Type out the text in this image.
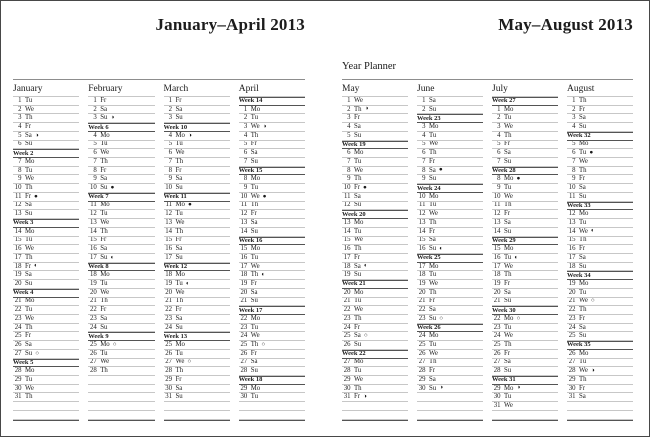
January–April 2013
January
1 Tu
2 We
3 Th
4 Fr
5 Sa ◑
6 Su
Week 2
7 Mo
8 Tu
9 We
10 Th
11 Fr ●
12 Sa
13 Su
Week 3
14 Mo
15 Tu
16 We
17 Th
18 Fr ◐
19 Sa
20 Su
Week 4
21 Mo
22 Tu
23 We
24 Th
25 Fr
26 Sa
27 Su ○
Week 5
28 Mo
29 Tu
30 We
31 Th
February
1 Fr
2 Sa
3 Su ◑
Week 6
4 Mo
5 Tu
6 We
7 Th
8 Fr
9 Sa
10 Su ●
Week 7
11 Mo
12 Tu
13 We
14 Th
15 Fr
16 Sa
17 Su ◐
Week 8
18 Mo
19 Tu
20 We
21 Th
22 Fr
23 Sa
24 Su
Week 9
25 Mo ○
26 Tu
27 We
28 Th
March
1 Fr
2 Sa
3 Su
Week 10
4 Mo ◑
5 Tu
6 We
7 Th
8 Fr
9 Sa
10 Su
Week 11
11 Mo ●
12 Tu
13 We
14 Th
15 Fr
16 Sa
17 Su
Week 12
18 Mo
19 Tu ◐
20 We
21 Th
22 Fr
23 Sa
24 Su
Week 13
25 Mo
26 Tu
27 We ○
28 Th
29 Fr
30 Sa
31 Su
April
Week 14
1 Mo
2 Tu
3 We ◑
4 Th
5 Fr
6 Sa
7 Su
Week 15
8 Mo
9 Tu
10 We ●
11 Th
12 Fr
13 Sa
14 Su
Week 16
15 Mo
16 Tu
17 We
18 Th ◐
19 Fr
20 Sa
21 Su
Week 17
22 Mo
23 Tu
24 We
25 Th ○
26 Fr
27 Sa
28 Su
Week 18
29 Mo
30 Tu
May–August 2013
Year Planner
May
1 We
2 Th ◑
3 Fr
4 Sa
5 Su
Week 19
6 Mo
7 Tu
8 We
9 Th
10 Fr ●
11 Sa
12 Su
Week 20
13 Mo
14 Tu
15 We
16 Th
17 Fr
18 Sa ◐
19 Su
Week 21
20 Mo
21 Tu
22 We
23 Th
24 Fr
25 Sa ○
26 Su
Week 22
27 Mo
28 Tu
29 We
30 Th
31 Fr ◑
June
1 Sa
2 Su
Week 23
3 Mo
4 Tu
5 We
6 Th
7 Fr
8 Sa ●
9 Su
Week 24
10 Mo
11 Tu
12 We
13 Th
14 Fr
15 Sa
16 Su ◐
Week 25
17 Mo
18 Tu
19 We
20 Th
21 Fr
22 Sa
23 Su ○
Week 26
24 Mo
25 Tu
26 We
27 Th
28 Fr
29 Sa
30 Su ◑
July
Week 27
1 Mo
2 Tu
3 We
4 Th
5 Fr
6 Sa
7 Su
Week 28
8 Mo ●
9 Tu
10 We
11 Th
12 Fr
13 Sa
14 Su
Week 29
15 Mo
16 Tu ◐
17 We
18 Th
19 Fr
20 Sa
21 Su
Week 30
22 Mo ○
23 Tu
24 We
25 Th
26 Fr
27 Sa
28 Su
Week 31
29 Mo ◑
30 Tu
31 We
August
1 Th
2 Fr
3 Sa
4 Su
Week 32
5 Mo
6 Tu ●
7 We
8 Th
9 Fr
10 Sa
11 Su
Week 33
12 Mo
13 Tu
14 We ◐
15 Th
16 Fr
17 Sa
18 Su
Week 34
19 Mo
20 Tu
21 We ○
22 Th
23 Fr
24 Sa
25 Su
Week 35
26 Mo
27 Tu
28 We ◑
29 Th
30 Fr
31 Sa
